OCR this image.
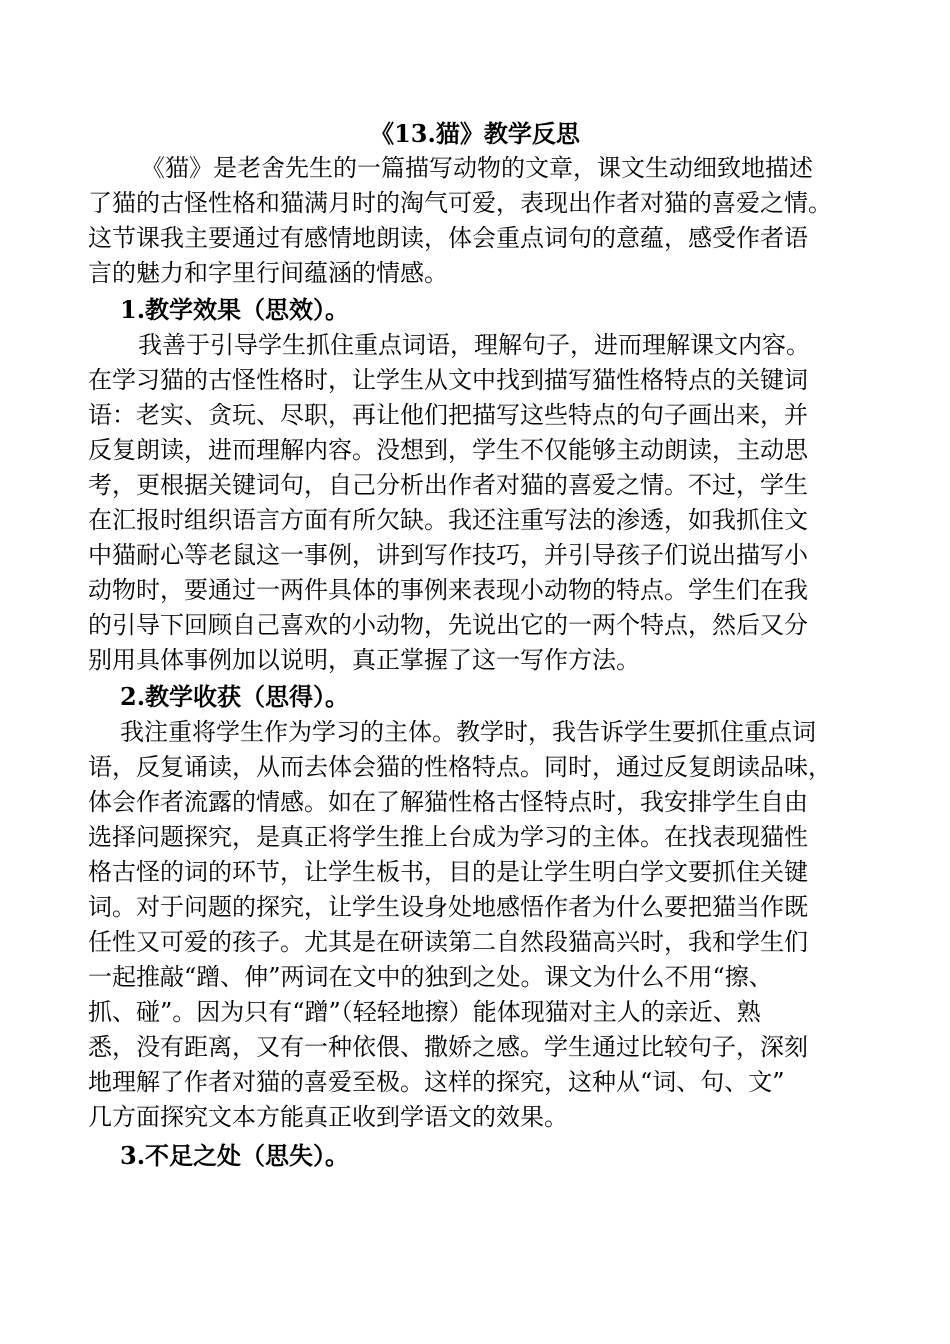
《13.猫》教学反思
《猫》是老舍先生的一篇描写动物的文章，课文生动细致地描述
了猫的古怪性格和猫满月时的淘气可爱，表现出作者对猫的喜爱之情。
这节课我主要通过有感情地朗读，体会重点词句的意蕴，感受作者语
言的魅力和字里行间蕴涵的情感。
1.教学效果（思效）。
我善于引导学生抓住重点词语，理解句子，进而理解课文内容。
在学习猫的古怪性格时，让学生从文中找到描写猫性格特点的关键词
语：老实、贪玩、尽职，再让他们把描写这些特点的句子画出来，并
反复朗读，进而理解内容。没想到，学生不仅能够主动朗读，主动思
考，更根据关键词句，自己分析出作者对猫的喜爱之情。不过，学生
在汇报时组织语言方面有所欠缺。我还注重写法的渗透，如我抓住文
中猫耐心等老鼠这一事例，讲到写作技巧，并引导孩子们说出描写小
动物时，要通过一两件具体的事例来表现小动物的特点。学生们在我
的引导下回顾自己喜欢的小动物，先说出它的一两个特点，然后又分
别用具体事例加以说明，真正掌握了这一写作方法。
2.教学收获（思得）。
我注重将学生作为学习的主体。教学时，我告诉学生要抓住重点词
语，反复诵读，从而去体会猫的性格特点。同时，通过反复朗读品味，
体会作者流露的情感。如在了解猫性格古怪特点时，我安排学生自由
选择问题探究，是真正将学生推上台成为学习的主体。在找表现猫性
格古怪的词的环节，让学生板书，目的是让学生明白学文要抓住关键
词。对于问题的探究，让学生设身处地感悟作者为什么要把猫当作既
任性又可爱的孩子。尤其是在研读第二自然段猫高兴时，我和学生们
一起推敲“蹭、伸”两词在文中的独到之处。课文为什么不用“擦、
抓、碰”。因为只有“蹭”（轻轻地擦）能体现猫对主人的亲近、熟
悉，没有距离，又有一种依偎、撒娇之感。学生通过比较句子，深刻
地理解了作者对猫的喜爱至极。这样的探究，这种从“词、句、文”
几方面探究文本方能真正收到学语文的效果。
3.不足之处（思失）。
